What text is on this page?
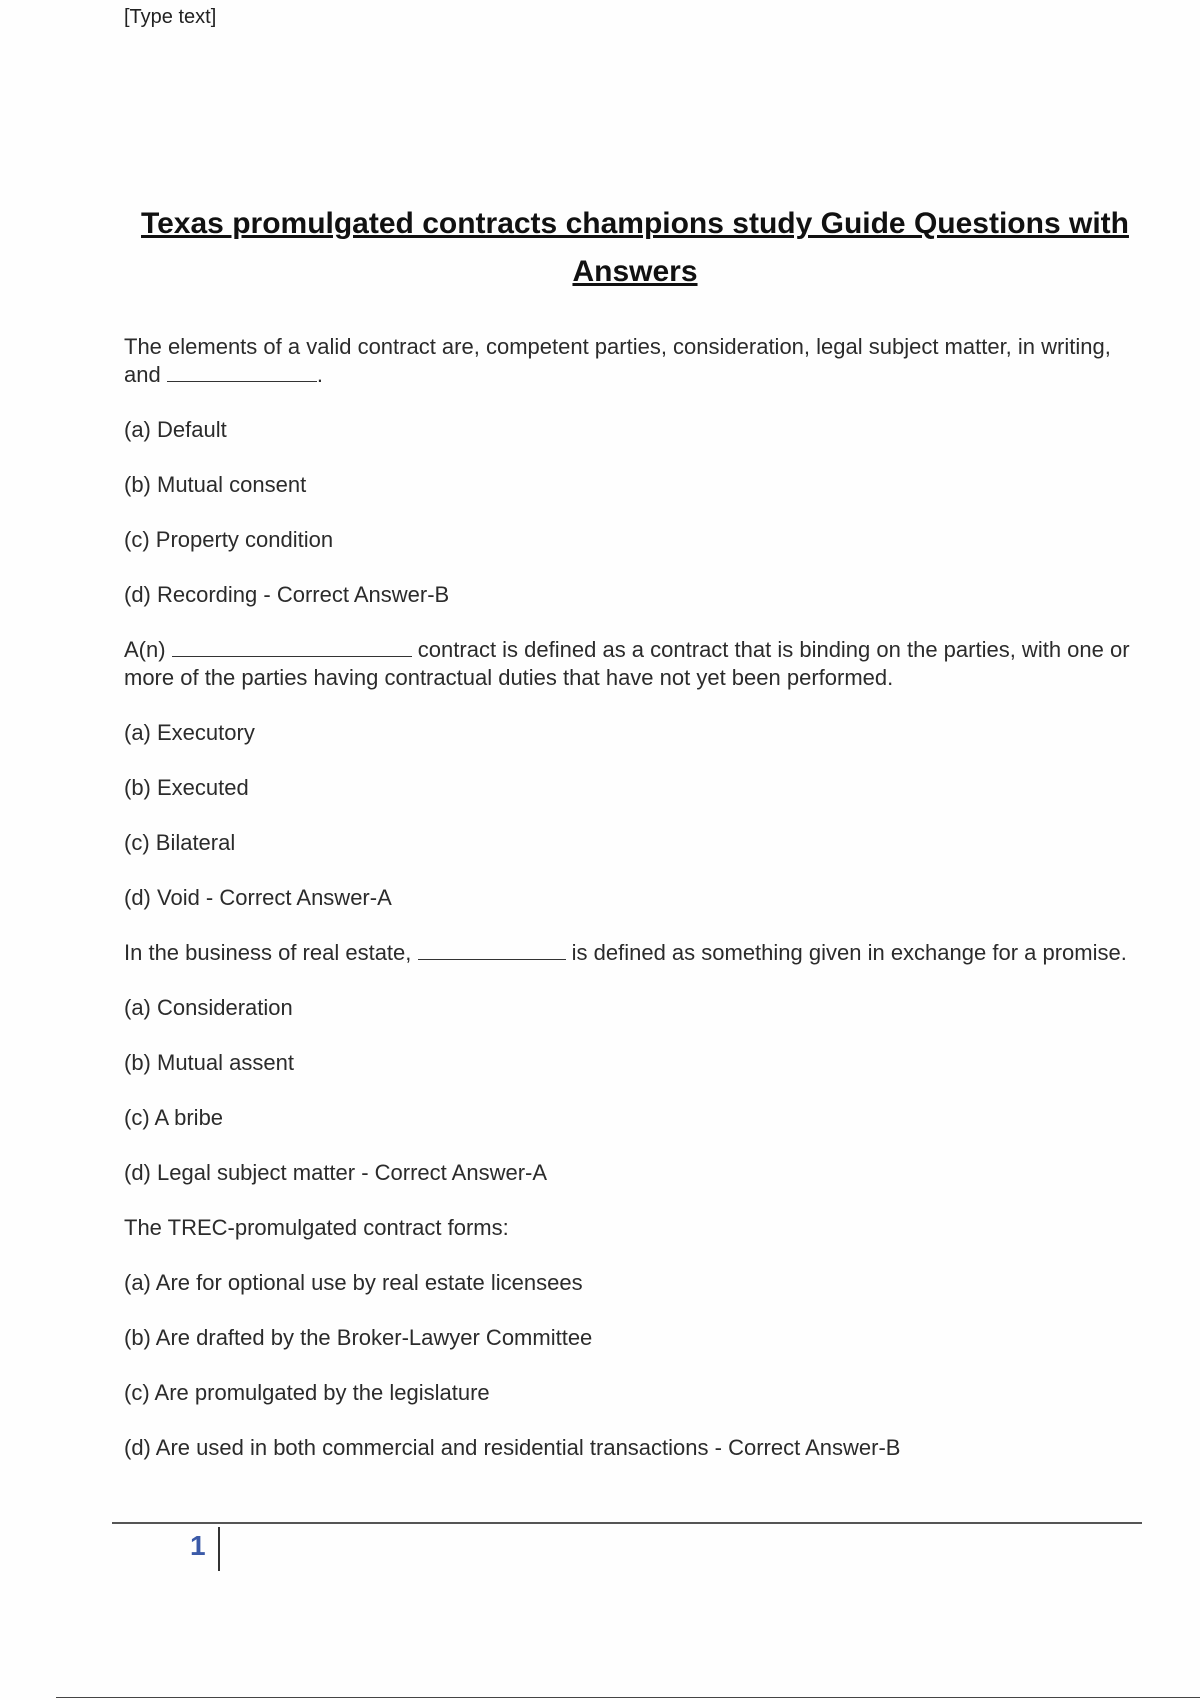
[Type text]
Texas promulgated contracts champions study Guide Questions with Answers
The elements of a valid contract are, competent parties, consideration, legal subject matter, in writing, and	.
(a) Default
(b) Mutual consent
(c) Property condition
(d) Recording - Correct Answer-B
A(n)	contract is defined as a contract that is binding on the parties, with one or more of the parties having contractual duties that have not yet been performed.
(a) Executory
(b) Executed
(c) Bilateral
(d) Void - Correct Answer-A
In the business of real estate,	is defined as something given in exchange for a promise.
(a) Consideration
(b) Mutual assent
(c) A bribe
(d) Legal subject matter - Correct Answer-A
The TREC-promulgated contract forms:
(a) Are for optional use by real estate licensees
(b) Are drafted by the Broker-Lawyer Committee
(c) Are promulgated by the legislature
(d) Are used in both commercial and residential transactions - Correct Answer-B
1
